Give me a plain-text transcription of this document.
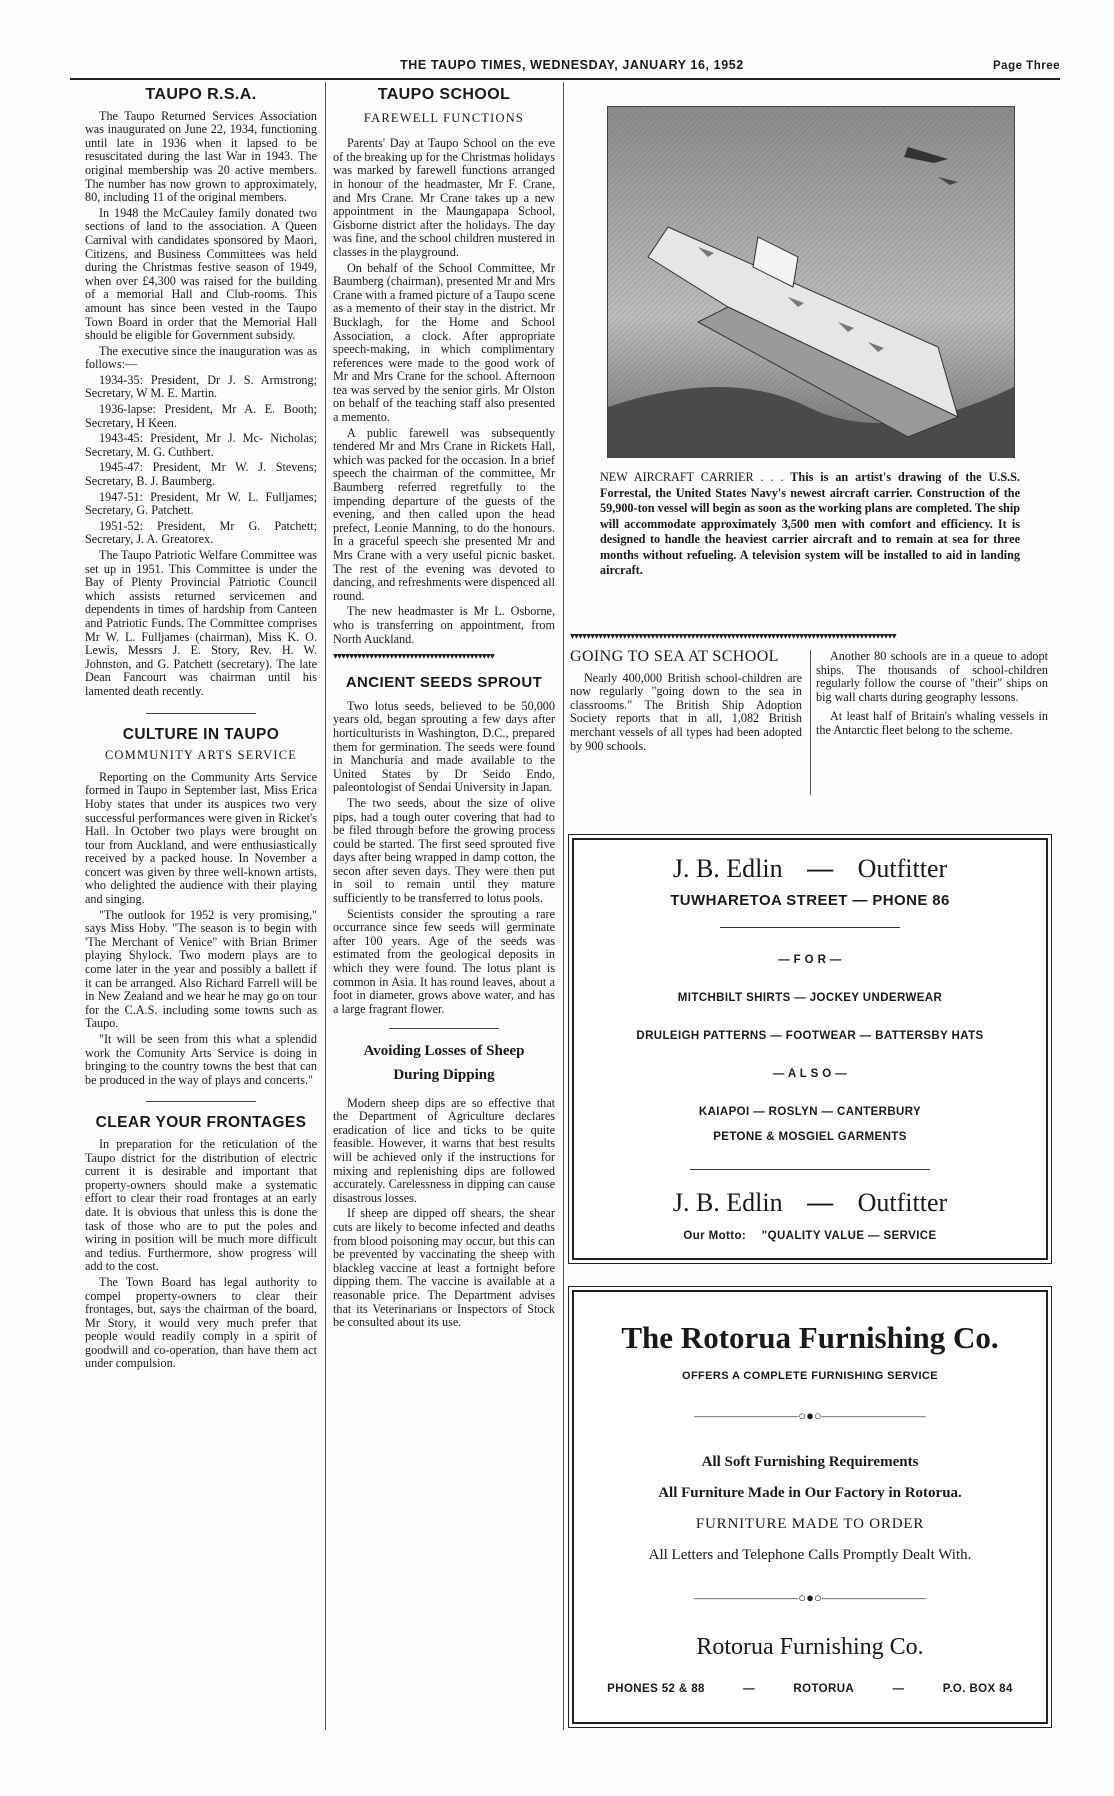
THE TAUPO TIMES, WEDNESDAY, JANUARY 16, 1952	Page Three
TAUPO R.S.A.

The Taupo Returned Services Association was inaugurated on June 22, 1934, functioning until late in 1936 when it lapsed to be resuscitated during the last War in 1943. The original membership was 20 active members. The number has now grown to approximately, 80, including 11 of the original members.

In 1948 the McCauley family donated two sections of land to the association. A Queen Carnival with candidates sponsored by Maori, Citizens, and Business Committees was held during the Christmas festive season of 1949, when over £4,300 was raised for the building of a memorial Hall and Club-rooms. This amount has since been vested in the Taupo Town Board in order that the Memorial Hall should be eligible for Government subsidy.

The executive since the inauguration was as follows:—

1934-35: President, Dr J. S. Armstrong; Secretary, W M. E. Martin.

1936-lapse: President, Mr A. E. Booth; Secretary, H Keen.

1943-45: President, Mr J. Mc- Nicholas; Secretary, M. G. Cuthbert.

1945-47: President, Mr W. J. Stevens; Secretary, B. J. Baumberg.

1947-51: President, Mr W. L. Fulljames; Secretary, G. Patchett.

1951-52: President, Mr G. Patchett; Secretary, J. A. Greatorex.

The Taupo Patriotic Welfare Committee was set up in 1951. This Committee is under the Bay of Plenty Provincial Patriotic Council which assists returned servicemen and dependents in times of hardship from Canteen and Patriotic Funds. The Committee comprises Mr W. L. Fulljames (chairman), Miss K. O. Lewis, Messrs J. E. Story, Rev. H. W. Johnston, and G. Patchett (secretary). The late Dean Fancourt was chairman until his lamented death recently.

CULTURE IN TAUPO
COMMUNITY ARTS SERVICE

Reporting on the Community Arts Service formed in Taupo in September last, Miss Erica Hoby states that under its auspices two very successful performances were given in Ricket's Hall. In October two plays were brought on tour from Auckland, and were enthusiastically received by a packed house. In November a concert was given by three well-known artists, who delighted the audience with their playing and singing.

"The outlook for 1952 is very promising," says Miss Hoby. "The season is to begin with 'The Merchant of Venice" with Brian Brimer playing Shylock. Two modern plays are to come later in the year and possibly a ballett if it can be arranged. Also Richard Farrell will be in New Zealand and we hear he may go on tour for the C.A.S. including some towns such as Taupo.

"It will be seen from this what a splendid work the Comunity Arts Service is doing in bringing to the country towns the best that can be produced in the way of plays and concerts."

CLEAR YOUR FRONTAGES

In preparation for the reticulation of the Taupo district for the distribution of electric current it is desirable and important that property-owners should make a systematic effort to clear their road frontages at an early date. It is obvious that unless this is done the task of those who are to put the poles and wiring in position will be much more difficult and tedius. Furthermore, show progress will add to the cost.

The Town Board has legal authority to compel property-owners to clear their frontages, but, says the chairman of the board, Mr Story, it would very much prefer that people would readily comply in a spirit of goodwill and co-operation, than have them act under compulsion.

TAUPO SCHOOL
FAREWELL FUNCTIONS

Parents' Day at Taupo School on the eve of the breaking up for the Christmas holidays was marked by farewell functions arranged in honour of the headmaster, Mr F. Crane, and Mrs Crane. Mr Crane takes up a new appointment in the Maungapapa School, Gisborne district after the holidays. The day was fine, and the school children mustered in classes in the playground.

On behalf of the School Committee, Mr Baumberg (chairman), presented Mr and Mrs Crane with a framed picture of a Taupo scene as a memento of their stay in the district. Mr Bucklagh, for the Home and School Association, a clock. After appropriate speech-making, in which complimentary references were made to the good work of Mr and Mrs Crane for the school. Afternoon tea was served by the senior girls. Mr Olston on behalf of the teaching staff also presented a memento.

A public farewell was subsequently tendered Mr and Mrs Crane in Rickets Hall, which was packed for the occasion. In a brief speech the chairman of the committee, Mr Baumberg referred regretfully to the impending departure of the guests of the evening, and then called upon the head prefect, Leonie Manning, to do the honours. In a graceful speech she presented Mr and Mrs Crane with a very useful picnic basket. The rest of the evening was devoted to dancing, and refreshments were dispenced all round.

The new headmaster is Mr L. Osborne, who is transferring on appointment, from North Auckland.

▾▾▾▾▾▾▾▾▾▾▾▾▾▾▾▾▾▾▾▾▾▾▾▾▾▾▾▾▾▾▾▾▾▾▾▾▾▾▾▾
ANCIENT SEEDS SPROUT

Two lotus seeds, believed to be 50,000 years old, began sprouting a few days after horticulturists in Washington, D.C., prepared them for germination. The seeds were found in Manchuria and made available to the United States by Dr Seido Endo, paleontologist of Sendai University in Japan.

The two seeds, about the size of olive pips, had a tough outer covering that had to be filed through before the growing process could be started. The first seed sprouted five days after being wrapped in damp cotton, the secon after seven days. They were then put in soil to remain until they mature sufficiently to be transferred to lotus pools.

Scientists consider the sprouting a rare occurrance since few seeds will germinate after 100 years. Age of the seeds was estimated from the geological deposits in which they were found. The lotus plant is common in Asia. It has round leaves, about a foot in diameter, grows above water, and has a large fragrant flower.

Avoiding Losses of Sheep
During Dipping

Modern sheep dips are so effective that the Department of Agriculture declares eradication of lice and ticks to be quite feasible. However, it warns that best results will be achieved only if the instructions for mixing and replenishing dips are followed accurately. Carelessness in dipping can cause disastrous losses.

If sheep are dipped off shears, the shear cuts are likely to become infected and deaths from blood poisoning may occur, but this can be prevented by vaccinating the sheep with blackleg vaccine at least a fortnight before dipping them. The vaccine is available at a reasonable price. The Department advises that its Veterinarians or Inspectors of Stock be consulted about its use.

NEW AIRCRAFT CARRIER . . . This is an artist's drawing of the U.S.S. Forrestal, the United States Navy's newest aircraft carrier. Construction of the 59,900-ton vessel will begin as soon as the working plans are completed. The ship will accommodate approximately 3,500 men with comfort and efficiency. It is designed to handle the heaviest carrier aircraft and to remain at sea for three months without refueling. A television system will be installed to aid in landing aircraft.
▾▾▾▾▾▾▾▾▾▾▾▾▾▾▾▾▾▾▾▾▾▾▾▾▾▾▾▾▾▾▾▾▾▾▾▾▾▾▾▾▾▾▾▾▾▾▾▾▾▾▾▾▾▾▾▾▾▾▾▾▾▾▾▾▾▾▾▾▾▾▾▾▾▾▾▾▾▾▾▾▾
GOING TO SEA AT SCHOOL

Nearly 400,000 British school-children are now regularly "going down to the sea in classrooms." The British Ship Adoption Society reports that in all, 1,082 British merchant vessels of all types had been adopted by 900 schools.

Another 80 schools are in a queue to adopt ships. The thousands of school-children regularly follow the course of "their" ships on big wall charts during geography lessons.

At least half of Britain's whaling vessels in the Antarctic fleet belong to the scheme.

J. B. Edlin — Outfitter
TUWHARETOA STREET — PHONE 86
— F O R —
MITCHBILT SHIRTS — JOCKEY UNDERWEAR
DRULEIGH PATTERNS — FOOTWEAR — BATTERSBY HATS
— A L S O —
KAIAPOI — ROSLYN — CANTERBURY
PETONE & MOSGIEL GARMENTS
J. B. Edlin — Outfitter
Our Motto: "QUALITY VALUE — SERVICE
The Rotorua Furnishing Co.
OFFERS A COMPLETE FURNISHING SERVICE
————————○●○————————
All Soft Furnishing Requirements
All Furniture Made in Our Factory in Rotorua.
FURNITURE MADE TO ORDER
All Letters and Telephone Calls Promptly Dealt With.
————————○●○————————
Rotorua Furnishing Co.
PHONES 52 & 88	—	ROTORUA	—	P.O. BOX 84
